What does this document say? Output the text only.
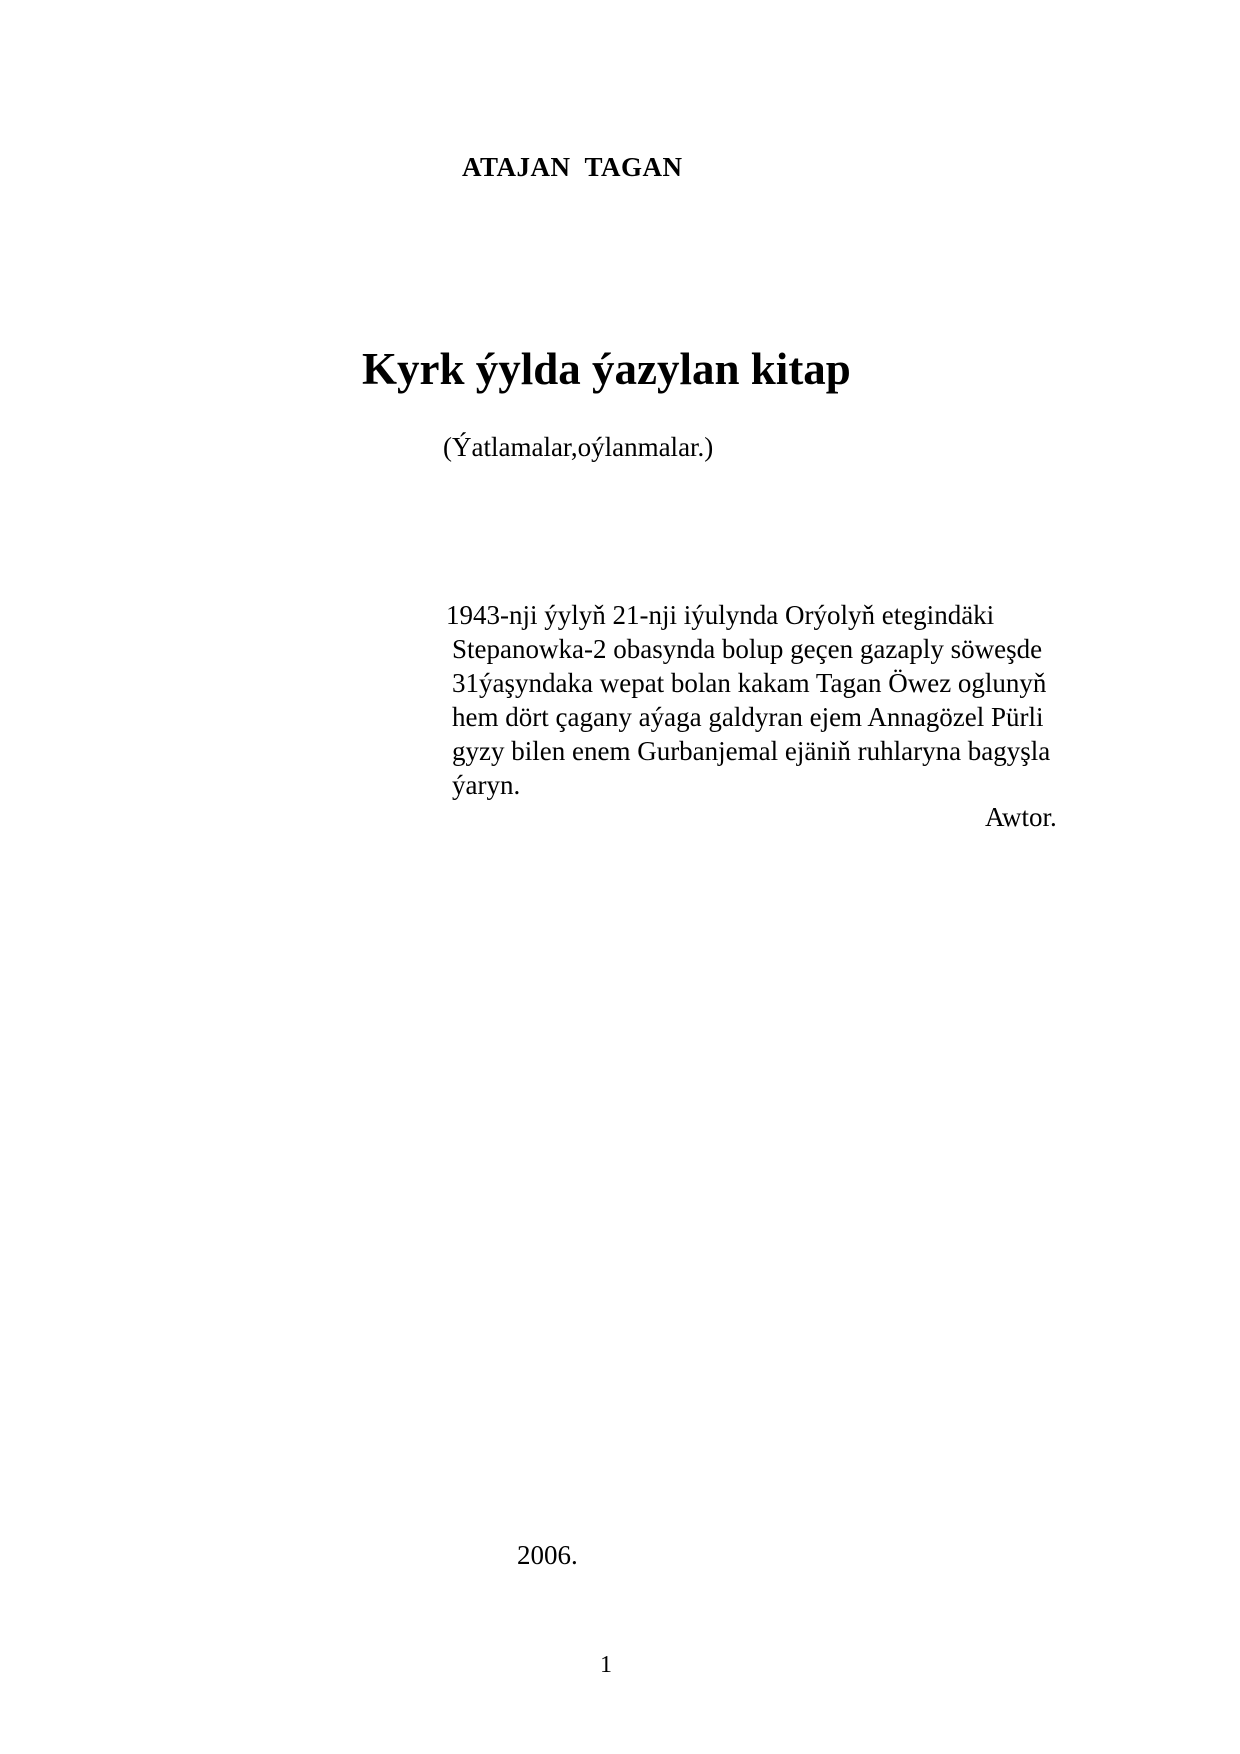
ATAJAN  TAGAN
Kyrk ýylda ýazylan kitap
(Ýatlamalar,oýlanmalar.)
1943-nji ýylyň 21-nji iýulynda Orýolyň etegindäki
Stepanowka-2 obasynda bolup geçen gazaply söweşde
31ýaşyndaka wepat bolan kakam Tagan Öwez oglunyň
hem dört çagany aýaga galdyran ejem Annagözel Pürli
gyzy bilen enem Gurbanjemal ejäniň ruhlaryna bagyşla
ýaryn.
Awtor.
2006.
1
